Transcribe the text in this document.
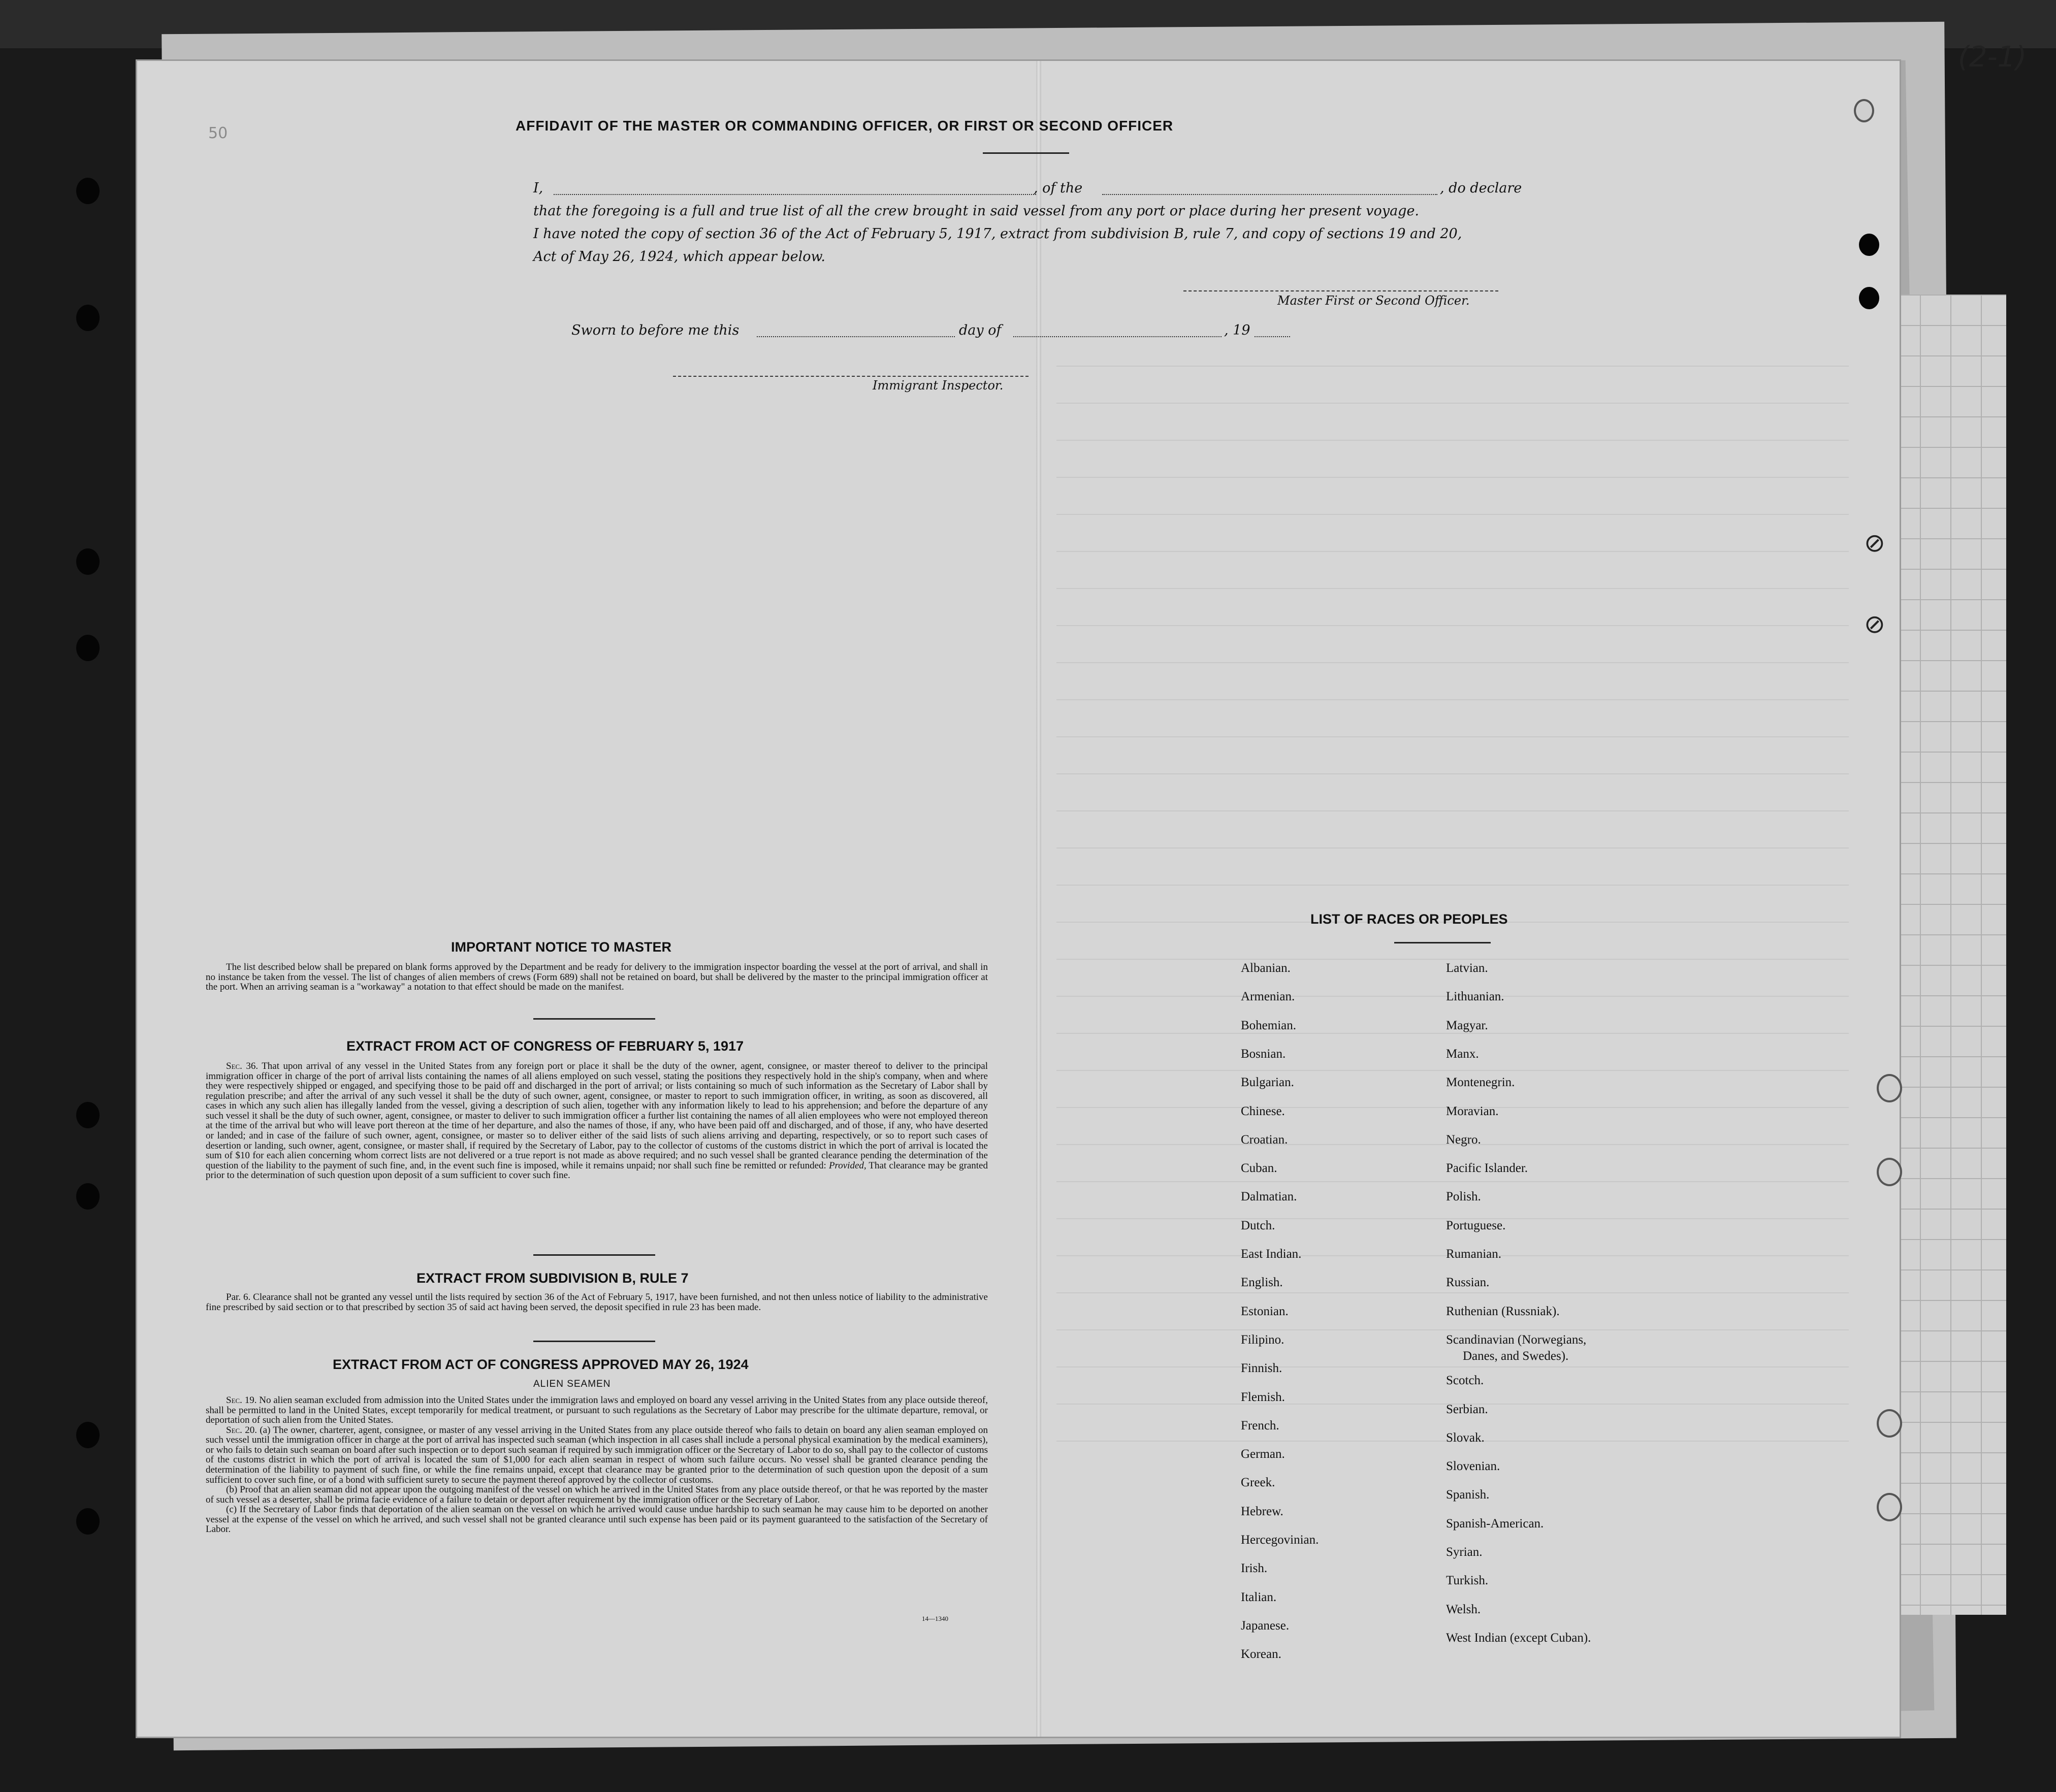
(2-1)
50
⊘
⊘
AFFIDAVIT OF THE MASTER OR COMMANDING OFFICER, OR FIRST OR SECOND OFFICER
I,	, of the	, do declare
that the foregoing is a full and true list of all the crew brought in said vessel from any port or place during her present voyage.
I have noted the copy of section 36 of the Act of February 5, 1917, extract from subdivision B, rule 7, and copy of sections 19 and 20,
Act of May 26, 1924, which appear below.
Master First or Second Officer.
Sworn to before me this	day of	, 19
Immigrant Inspector.
IMPORTANT NOTICE TO MASTER
The list described below shall be prepared on blank forms approved by the Department and be ready for delivery to the immigration inspector boarding the vessel at the port of arrival, and shall in no instance be taken from the vessel. The list of changes of alien members of crews (Form 689) shall not be retained on board, but shall be delivered by the master to the principal immigration officer at the port. When an arriving seaman is a "workaway" a notation to that effect should be made on the manifest.
EXTRACT FROM ACT OF CONGRESS OF FEBRUARY 5, 1917
Sec. 36. That upon arrival of any vessel in the United States from any foreign port or place it shall be the duty of the owner, agent, consignee, or master thereof to deliver to the principal immigration officer in charge of the port of arrival lists containing the names of all aliens employed on such vessel, stating the positions they respectively hold in the ship's company, when and where they were respectively shipped or engaged, and specifying those to be paid off and discharged in the port of arrival; or lists containing so much of such information as the Secretary of Labor shall by regulation prescribe; and after the arrival of any such vessel it shall be the duty of such owner, agent, consignee, or master to report to such immigration officer, in writing, as soon as discovered, all cases in which any such alien has illegally landed from the vessel, giving a description of such alien, together with any information likely to lead to his apprehension; and before the departure of any such vessel it shall be the duty of such owner, agent, consignee, or master to deliver to such immigration officer a further list containing the names of all alien employees who were not employed thereon at the time of the arrival but who will leave port thereon at the time of her departure, and also the names of those, if any, who have been paid off and discharged, and of those, if any, who have deserted or landed; and in case of the failure of such owner, agent, consignee, or master so to deliver either of the said lists of such aliens arriving and departing, respectively, or so to report such cases of desertion or landing, such owner, agent, consignee, or master shall, if required by the Secretary of Labor, pay to the collector of customs of the customs district in which the port of arrival is located the sum of $10 for each alien concerning whom correct lists are not delivered or a true report is not made as above required; and no such vessel shall be granted clearance pending the determination of the question of the liability to the payment of such fine, and, in the event such fine is imposed, while it remains unpaid; nor shall such fine be remitted or refunded: Provided, That clearance may be granted prior to the determination of such question upon deposit of a sum sufficient to cover such fine.
EXTRACT FROM SUBDIVISION B, RULE 7
Par. 6. Clearance shall not be granted any vessel until the lists required by section 36 of the Act of February 5, 1917, have been furnished, and not then unless notice of liability to the administrative fine prescribed by said section or to that prescribed by section 35 of said act having been served, the deposit specified in rule 23 has been made.
EXTRACT FROM ACT OF CONGRESS APPROVED MAY 26, 1924
ALIEN SEAMEN
Sec. 19. No alien seaman excluded from admission into the United States under the immigration laws and employed on board any vessel arriving in the United States from any place outside thereof, shall be permitted to land in the United States, except temporarily for medical treatment, or pursuant to such regulations as the Secretary of Labor may prescribe for the ultimate departure, removal, or deportation of such alien from the United States.
Sec. 20. (a) The owner, charterer, agent, consignee, or master of any vessel arriving in the United States from any place outside thereof who fails to detain on board any alien seaman employed on such vessel until the immigration officer in charge at the port of arrival has inspected such seaman (which inspection in all cases shall include a personal physical examination by the medical examiners), or who fails to detain such seaman on board after such inspection or to deport such seaman if required by such immigration officer or the Secretary of Labor to do so, shall pay to the collector of customs of the customs district in which the port of arrival is located the sum of $1,000 for each alien seaman in respect of whom such failure occurs. No vessel shall be granted clearance pending the determination of the liability to payment of such fine, or while the fine remains unpaid, except that clearance may be granted prior to the determination of such question upon the deposit of a sum sufficient to cover such fine, or of a bond with sufficient surety to secure the payment thereof approved by the collector of customs.
(b) Proof that an alien seaman did not appear upon the outgoing manifest of the vessel on which he arrived in the United States from any place outside thereof, or that he was reported by the master of such vessel as a deserter, shall be prima facie evidence of a failure to detain or deport after requirement by the immigration officer or the Secretary of Labor.
(c) If the Secretary of Labor finds that deportation of the alien seaman on the vessel on which he arrived would cause undue hardship to such seaman he may cause him to be deported on another vessel at the expense of the vessel on which he arrived, and such vessel shall not be granted clearance until such expense has been paid or its payment guaranteed to the satisfaction of the Secretary of Labor.
14—1340
LIST OF RACES OR PEOPLES
Albanian.
Armenian.
Bohemian.
Bosnian.
Bulgarian.
Chinese.
Croatian.
Cuban.
Dalmatian.
Dutch.
East Indian.
English.
Estonian.
Filipino.
Finnish.
Flemish.
French.
German.
Greek.
Hebrew.
Hercegovinian.
Irish.
Italian.
Japanese.
Korean.
Latvian.
Lithuanian.
Magyar.
Manx.
Montenegrin.
Moravian.
Negro.
Pacific Islander.
Polish.
Portuguese.
Rumanian.
Russian.
Ruthenian (Russniak).
Scandinavian (Norwegians,
Danes, and Swedes).
Scotch.
Serbian.
Slovak.
Slovenian.
Spanish.
Spanish-American.
Syrian.
Turkish.
Welsh.
West Indian (except Cuban).
